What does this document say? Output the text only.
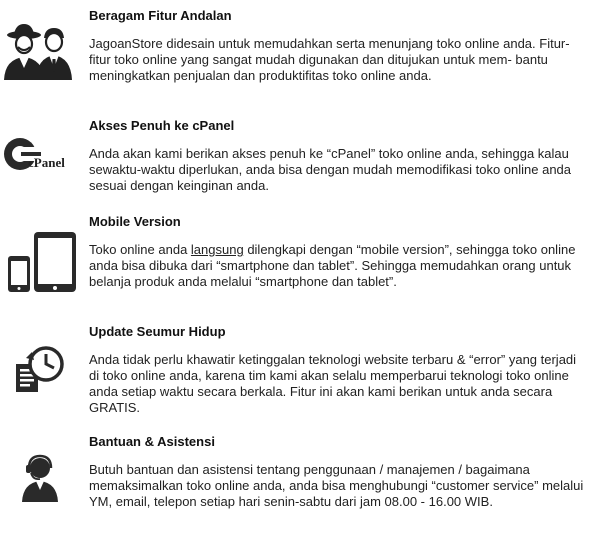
Beragam Fitur Andalan

JagoanStore didesain untuk memudahkan serta menunjang toko online anda. Fitur-fitur toko online yang sangat mudah digunakan dan ditujukan untuk mem- bantu meningkatkan penjualan dan produktifitas toko online anda.

cPanel
Akses Penuh ke cPanel

Anda akan kami berikan akses penuh ke “cPanel” toko online anda, sehingga kalau sewaktu-waktu diperlukan, anda bisa dengan mudah memodifikasi toko online anda sesuai dengan keinginan anda.

Mobile Version

Toko online anda langsung dilengkapi dengan “mobile version”, sehingga toko online anda bisa dibuka dari “smartphone dan tablet”. Sehingga memudahkan orang untuk belanja produk anda melalui “smartphone dan tablet”.

Update Seumur Hidup

Anda tidak perlu khawatir ketinggalan teknologi website terbaru & “error” yang terjadi di toko online anda, karena tim kami akan selalu memperbarui teknologi toko online anda setiap waktu secara berkala. Fitur ini akan kami berikan untuk anda secara GRATIS.

Bantuan & Asistensi

Butuh bantuan dan asistensi tentang penggunaan / manajemen / bagaimana memaksimalkan toko online anda, anda bisa menghubungi “customer service” melalui YM, email, telepon setiap hari senin-sabtu dari jam 08.00 - 16.00 WIB.
